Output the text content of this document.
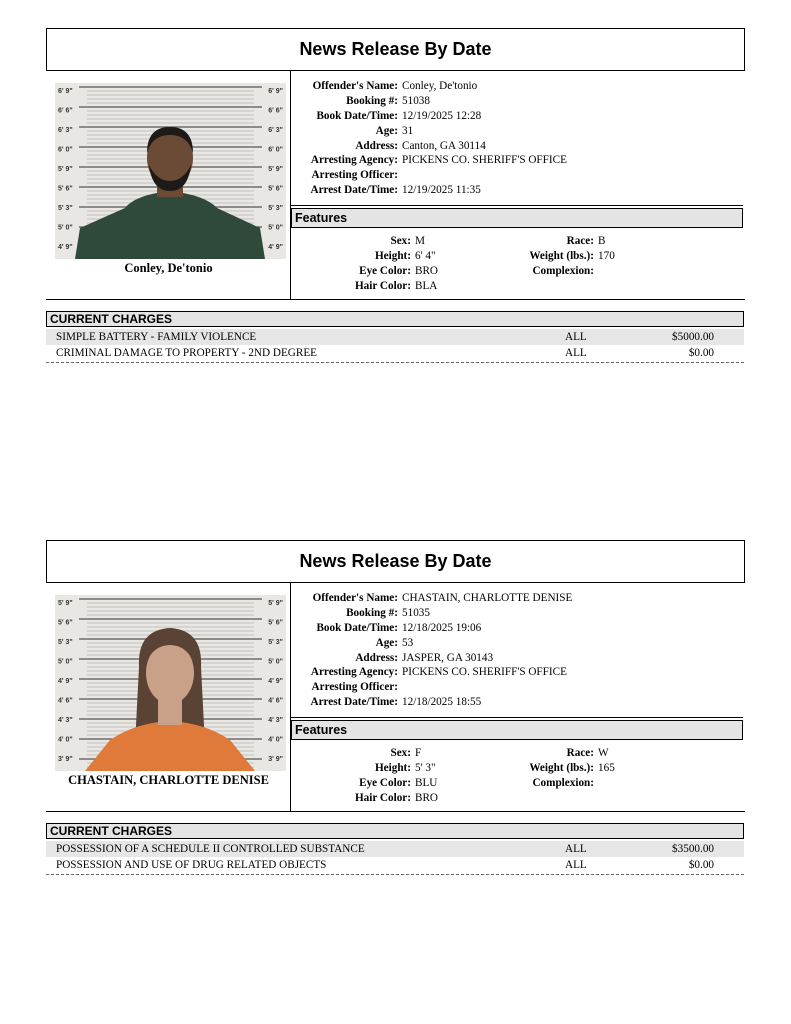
News Release By Date
6' 9"
6' 6"
6' 3"
6' 0"
5' 9"
5' 6"
5' 3"
5' 0"
4' 9"
6' 9"
6' 6"
6' 3"
6' 0"
5' 9"
5' 6"
5' 3"
5' 0"
4' 9"
Conley, De'tonio
Offender's Name: Conley, De'tonio
Booking #: 51038
Book Date/Time: 12/19/2025 12:28
Age: 31
Address: Canton, GA 30114
Arresting Agency: PICKENS CO. SHERIFF'S OFFICE
Arresting Officer:
Arrest Date/Time: 12/19/2025 11:35
Features
Sex: M
Height: 6' 4"
Eye Color: BRO
Hair Color: BLA
Race: B
Weight (lbs.): 170
Complexion:
CURRENT CHARGES
SIMPLE BATTERY - FAMILY VIOLENCE	ALL	$5000.00
CRIMINAL DAMAGE TO PROPERTY - 2ND DEGREE	ALL	$0.00
News Release By Date
5' 9"
5' 6"
5' 3"
5' 0"
4' 9"
4' 6"
4' 3"
4' 0"
3' 9"
5' 9"
5' 6"
5' 3"
5' 0"
4' 9"
4' 6"
4' 3"
4' 0"
3' 9"
CHASTAIN, CHARLOTTE DENISE
Offender's Name: CHASTAIN, CHARLOTTE DENISE
Booking #: 51035
Book Date/Time: 12/18/2025 19:06
Age: 53
Address: JASPER, GA 30143
Arresting Agency: PICKENS CO. SHERIFF'S OFFICE
Arresting Officer:
Arrest Date/Time: 12/18/2025 18:55
Features
Sex: F
Height: 5' 3"
Eye Color: BLU
Hair Color: BRO
Race: W
Weight (lbs.): 165
Complexion:
CURRENT CHARGES
POSSESSION OF A SCHEDULE II CONTROLLED SUBSTANCE	ALL	$3500.00
POSSESSION AND USE OF DRUG RELATED OBJECTS	ALL	$0.00
